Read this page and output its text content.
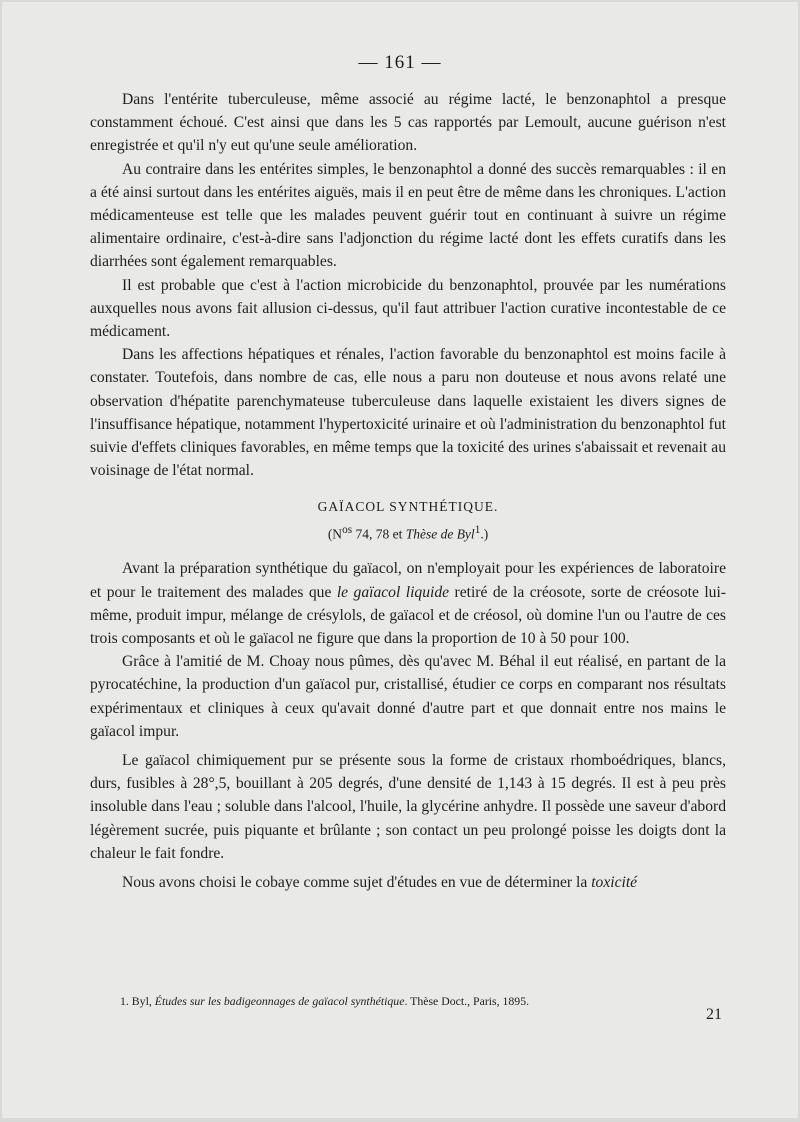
— 161 —

Dans l'entérite tuberculeuse, même associé au régime lacté, le benzonaphtol a presque constamment échoué. C'est ainsi que dans les 5 cas rapportés par Lemoult, aucune guérison n'est enregistrée et qu'il n'y eut qu'une seule amélioration.

Au contraire dans les entérites simples, le benzonaphtol a donné des succès remarquables : il en a été ainsi surtout dans les entérites aiguës, mais il en peut être de même dans les chroniques. L'action médicamenteuse est telle que les malades peuvent guérir tout en continuant à suivre un régime alimentaire ordinaire, c'est-à-dire sans l'adjonction du régime lacté dont les effets curatifs dans les diarrhées sont également remarquables.

Il est probable que c'est à l'action microbicide du benzonaphtol, prouvée par les numérations auxquelles nous avons fait allusion ci-dessus, qu'il faut attribuer l'action curative incontestable de ce médicament.

Dans les affections hépatiques et rénales, l'action favorable du benzonaphtol est moins facile à constater. Toutefois, dans nombre de cas, elle nous a paru non douteuse et nous avons relaté une observation d'hépatite parenchymateuse tuberculeuse dans laquelle existaient les divers signes de l'insuffisance hépatique, notamment l'hypertoxicité urinaire et où l'administration du benzonaphtol fut suivie d'effets cliniques favorables, en même temps que la toxicité des urines s'abaissait et revenait au voisinage de l'état normal.

GAÏACOL SYNTHÉTIQUE.

($N^{os}$ 74, 78 et Thèse de Byl$^1$.)

Avant la préparation synthétique du gaïacol, on n'employait pour les expériences de laboratoire et pour le traitement des malades que le gaïacol liquide retiré de la créosote, sorte de créosote lui-même, produit impur, mélange de crésylols, de gaïacol et de créosol, où domine l'un ou l'autre de ces trois composants et où le gaïacol ne figure que dans la proportion de 10 à 50 pour 100.

Grâce à l'amitié de M. Choay nous pûmes, dès qu'avec M. Béhal il eut réalisé, en partant de la pyrocatéchine, la production d'un gaïacol pur, cristallisé, étudier ce corps en comparant nos résultats expérimentaux et cliniques à ceux qu'avait donné d'autre part et que donnait entre nos mains le gaïacol impur.

Le gaïacol chimiquement pur se présente sous la forme de cristaux rhomboédriques, blancs, durs, fusibles à 28°,5, bouillant à 205 degrés, d'une densité de 1,143 à 15 degrés. Il est à peu près insoluble dans l'eau ; soluble dans l'alcool, l'huile, la glycérine anhydre. Il possède une saveur d'abord légèrement sucrée, puis piquante et brûlante ; son contact un peu prolongé poisse les doigts dont la chaleur le fait fondre.

Nous avons choisi le cobaye comme sujet d'études en vue de déterminer la toxicité

1. Byl, Études sur les badigeonnages de gaïacol synthétique. Thèse Doct., Paris, 1895.
21
